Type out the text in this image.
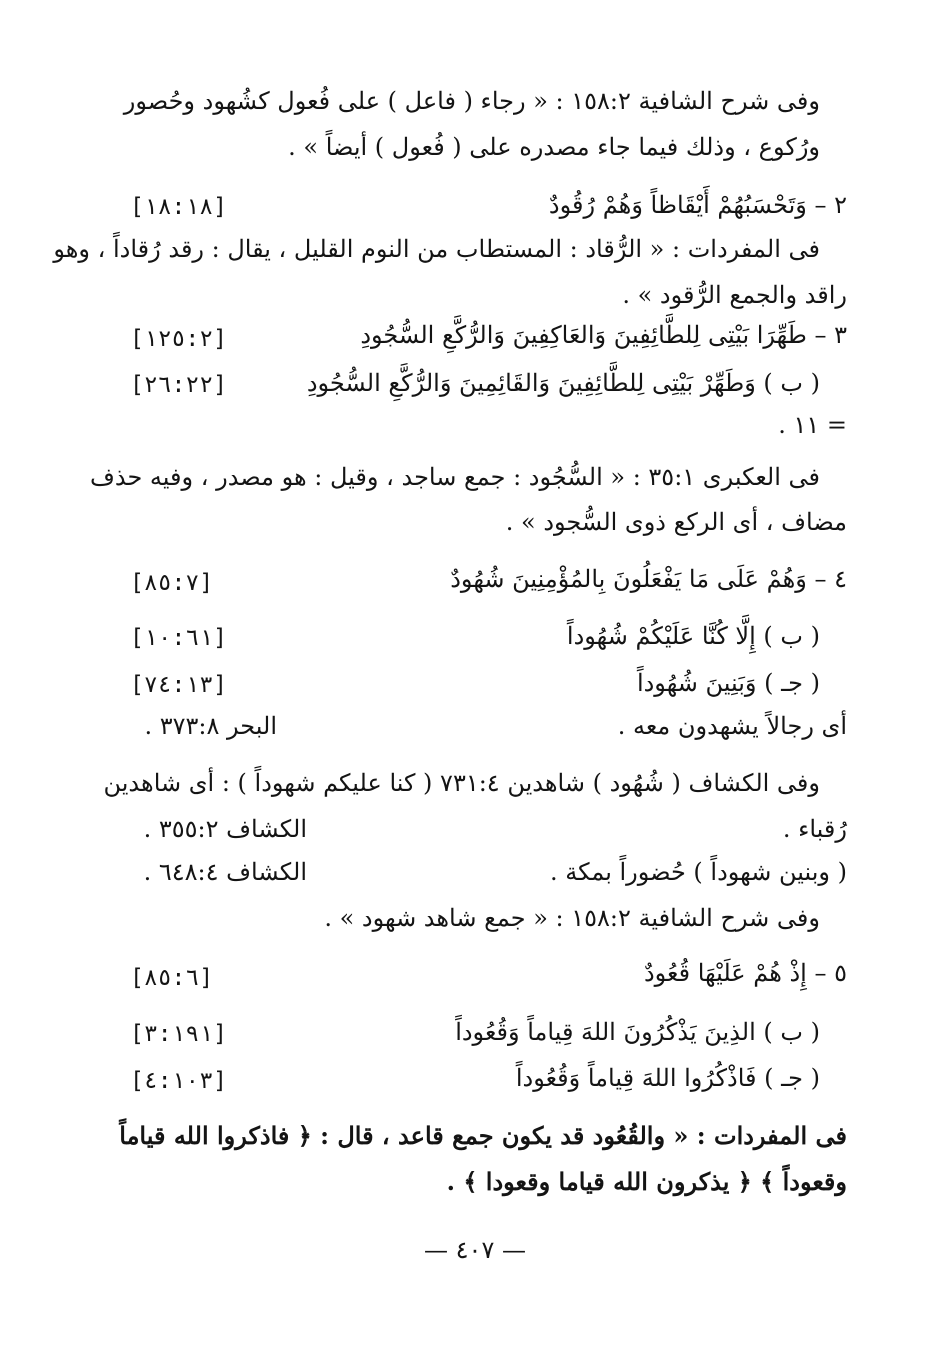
وفى شرح الشافية ١٥٨:٢ : « رجاء ( فاعل ) على فُعول كشُهود وحُصور
ورُكوع ، وذلك فيما جاء مصدره على ( فُعول ) أيضاً » .
٢ – وَتَحْسَبُهُمْ أَيْقَاظاً وَهُمْ رُقُودٌ
[١٨:١٨]
فى المفردات : « الرُّقاد : المستطاب من النوم القليل ، يقال : رقد رُقاداً ، وهو
راقد والجمع الرُّقود » .
٣ – طَهِّرَا بَيْتِى لِلطَّائِفِينَ وَالعَاكِفِينَ وَالرُّكَّعِ السُّجُودِ
[١٢٥:٢]
( ب ) وَطَهِّرْ بَيْتِى لِلطَّائِفِينَ وَالقَائِمِينَ وَالرُّكَّعِ السُّجُودِ
[٢٦:٢٢]
= ١١ .
فى العكبرى ٣٥:١ : « السُّجُود : جمع ساجد ، وقيل : هو مصدر ، وفيه حذف
مضاف ، أى الركع ذوى السُّجود » .
٤ – وَهُمْ عَلَى مَا يَفْعَلُونَ بِالمُؤْمِنِينَ شُهُودٌ
[٨٥:٧]
( ب ) إِلَّا كُنَّا عَلَيْكُمْ شُهُوداً
[١٠:٦١]
( جـ ) وَبَنِينَ شُهُوداً
[٧٤:١٣]
أى رجالاً يشهدون معه .
البحر ٣٧٣:٨ .
وفى الكشاف ( شُهُود ) شاهدين ٧٣١:٤ ( كنا عليكم شهوداً ) : أى شاهدين
رُقباء .
الكشاف ٣٥٥:٢ .
( وبنين شهوداً ) حُضوراً بمكة .
الكشاف ٦٤٨:٤ .
وفى شرح الشافية ١٥٨:٢ : « جمع شاهد شهود » .
٥ – إِذْ هُمْ عَلَيْهَا قُعُودٌ
[٨٥:٦]
( ب ) الذِينَ يَذْكُرُونَ اللهَ قِياماً وَقُعُوداً
[٣:١٩١]
( جـ ) فَاذْكُرُوا اللهَ قِياماً وَقُعُوداً
[٤:١٠٣]
فى المفردات : « والقُعُود قد يكون جمع قاعد ، قال : ﴿ فاذكروا الله قياماً
وقعوداً ﴾ ﴿ يذكرون الله قياما وقعودا ﴾ .
— ٤٠٧ —
